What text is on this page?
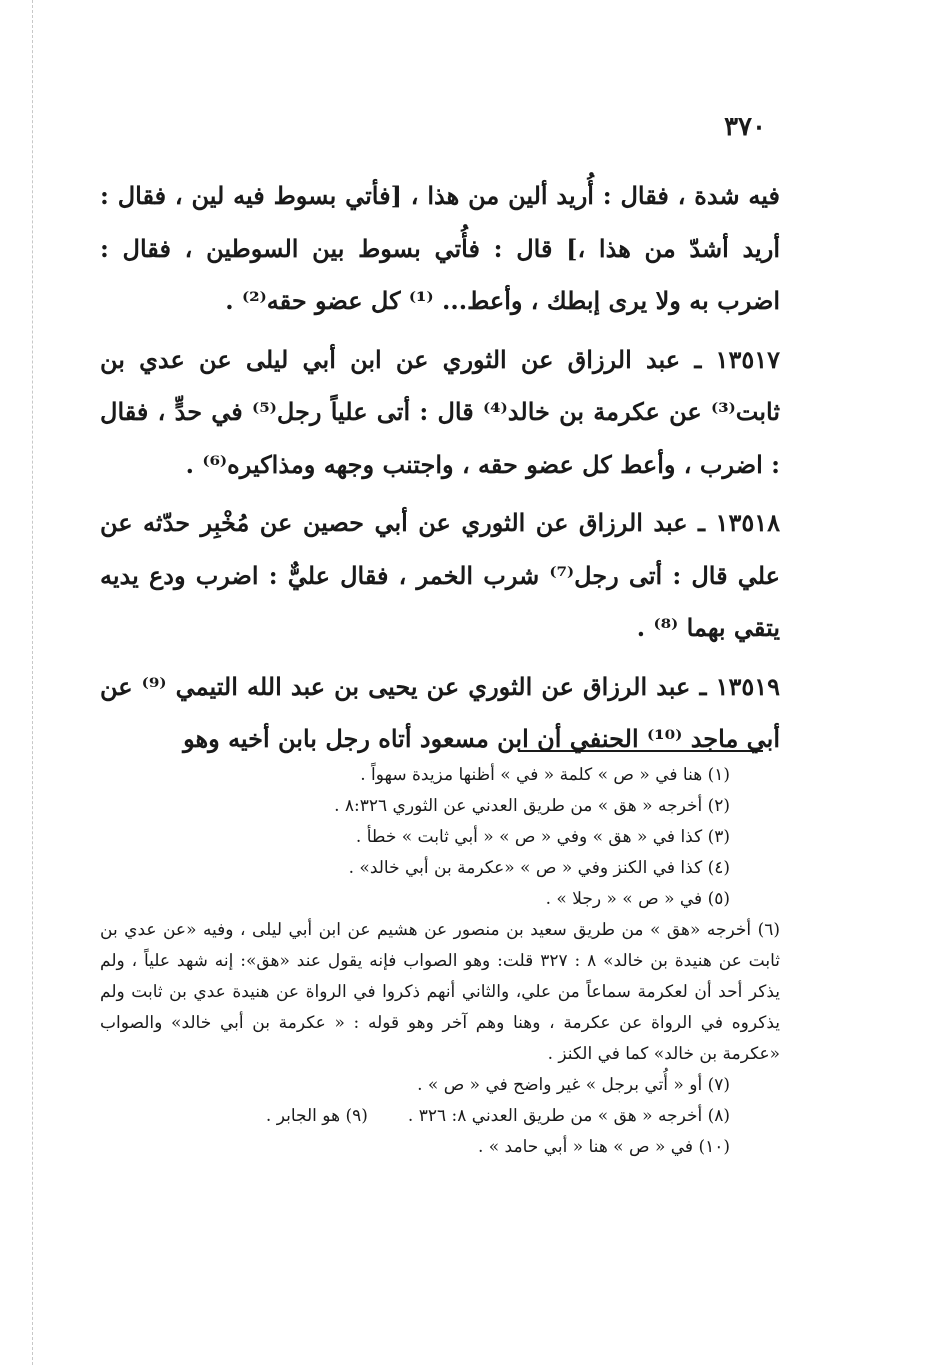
٣٧٠

فيه شدة ، فقال : أُريد ألين من هذا ، [فأتي بسوط فيه لين ، فقال : أريد أشدّ من هذا ،] قال : فأُتي بسوط بين السوطين ، فقال : اضرب به ولا يرى إبطك ، وأعط... ⁽¹⁾ كل عضو حقه⁽²⁾ .

١٣٥١٧ ـ عبد الرزاق عن الثوري عن ابن أبي ليلى عن عدي بن ثابت⁽³⁾ عن عكرمة بن خالد⁽⁴⁾ قال : أتى علياً رجل⁽⁵⁾ في حدٍّ ، فقال : اضرب ، وأعط كل عضو حقه ، واجتنب وجهه ومذاكيره⁽⁶⁾ .

١٣٥١٨ ـ عبد الرزاق عن الثوري عن أبي حصين عن مُخْبِر حدّثه عن علي قال : أتى رجل⁽⁷⁾ شرب الخمر ، فقال عليٌّ : اضرب ودع يديه يتقي بهما ⁽⁸⁾ .

١٣٥١٩ ـ عبد الرزاق عن الثوري عن يحيى بن عبد الله التيمي ⁽⁹⁾ عن أبي ماجد ⁽¹⁰⁾ الحنفي أن ابن مسعود أتاه رجل بابن أخيه وهو

(١) هنا في « ص » كلمة « في » أظنها مزيدة سهواً .

(٢) أخرجه « هق » من طريق العدني عن الثوري ٨:٣٢٦ .

(٣) كذا في « هق » وفي « ص » « أبي ثابت » خطأ .

(٤) كذا في الكنز وفي « ص » «عكرمة بن أبي خالد» .

(٥) في « ص » « رجلا » .

(٦) أخرجه «هق » من طريق سعيد بن منصور عن هشيم عن ابن أبي ليلى ، وفيه «عن عدي بن ثابت عن هنيدة بن خالد» ٨ : ٣٢٧ قلت: وهو الصواب فإنه يقول عند «هق»: إنه شهد علياً ، ولم يذكر أحد أن لعكرمة سماعاً من علي، والثاني أنهم ذكروا في الرواة عن هنيدة عدي بن ثابت ولم يذكروه في الرواة عن عكرمة ، وهنا وهم آخر وهو قوله : « عكرمة بن أبي خالد» والصواب «عكرمة بن خالد» كما في الكنز .

(٧) أو « أُتي برجل » غير واضح في « ص » .

(٨) أخرجه « هق » من طريق العدني ٨: ٣٢٦ .(٩) هو الجابر .

(١٠) في « ص » هنا « أبي حامد » .
